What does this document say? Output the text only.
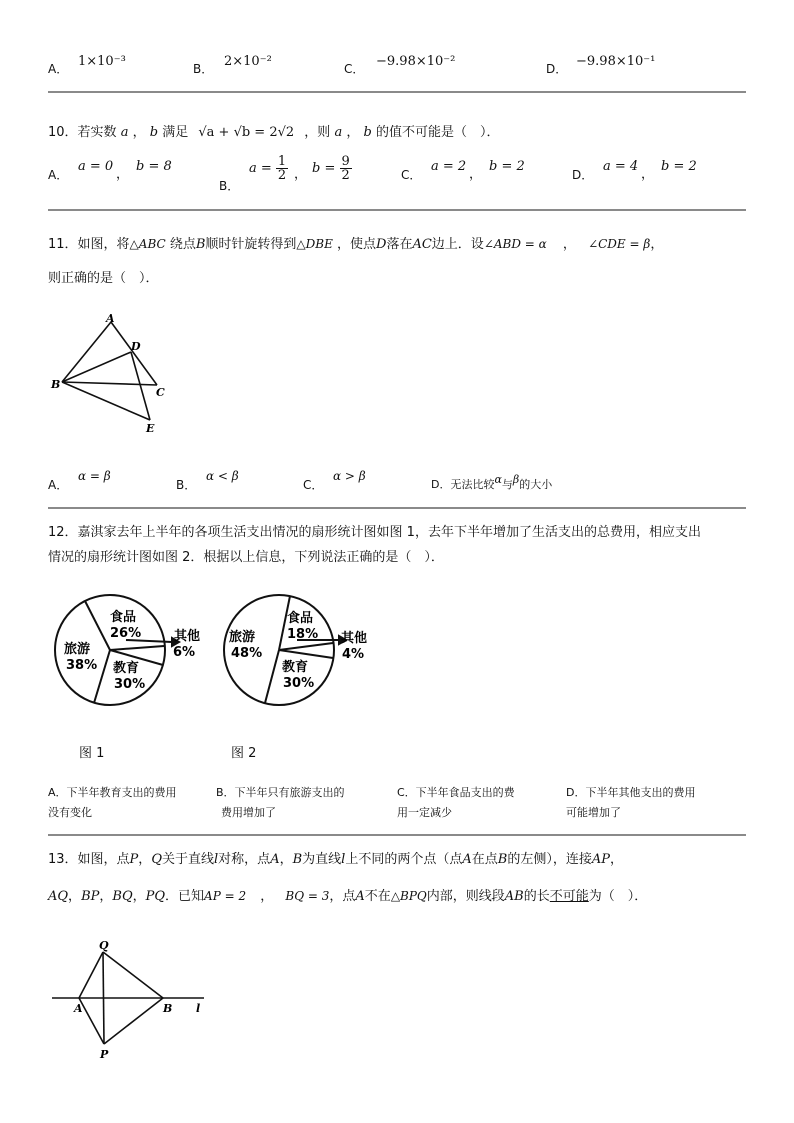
A． 1×10⁻³	B． 2×10⁻²	C． −9.98×10⁻²	D． −9.98×10⁻¹
10．若实数 a ， b 满足 √a + √b = 2√2 ，则 a ， b 的值不可能是（　）．
A．
a = 0
，
b = 8
B．
$a = \frac{1}{2}$ ， $b = \frac{9}{2}$	C．
a = 2
，
b = 2
D．
a = 4
，
b = 2
11．如图，将△ABC 绕点B顺时针旋转得到△DBE ，使点D落在AC边上．设∠ABD = α ， ∠CDE = β，
则正确的是（　）．
A
D
B
C
E
A．
α = β
B．
α < β
C．
α > β
D．无法比较α与β的大小
12．嘉淇家去年上半年的各项生活支出情况的扇形统计图如图 1，去年下半年增加了生活支出的总费用，相应支出
情况的扇形统计图如图 2．根据以上信息，下列说法正确的是（　）．
食品
26%
旅游
38% 教育
30%
其他
6%
图 1
食品
18%
旅游
48%
教育
30%
其他
4%
图 2
A．下半年教育支出的费用
没有变化
B．下半年只有旅游支出的
费用增加了
C．下半年食品支出的费
用一定减少
D．下半年其他支出的费用
可能增加了
13．如图，点P，Q关于直线l对称，点A，B为直线l上不同的两个点（点A在点B的左侧），连接AP，
AQ，BP，BQ，PQ．已知AP = 2 ， BQ = 3，点A不在△BPQ内部，则线段AB的长不可能为（　）．
Q
A	B l
P
